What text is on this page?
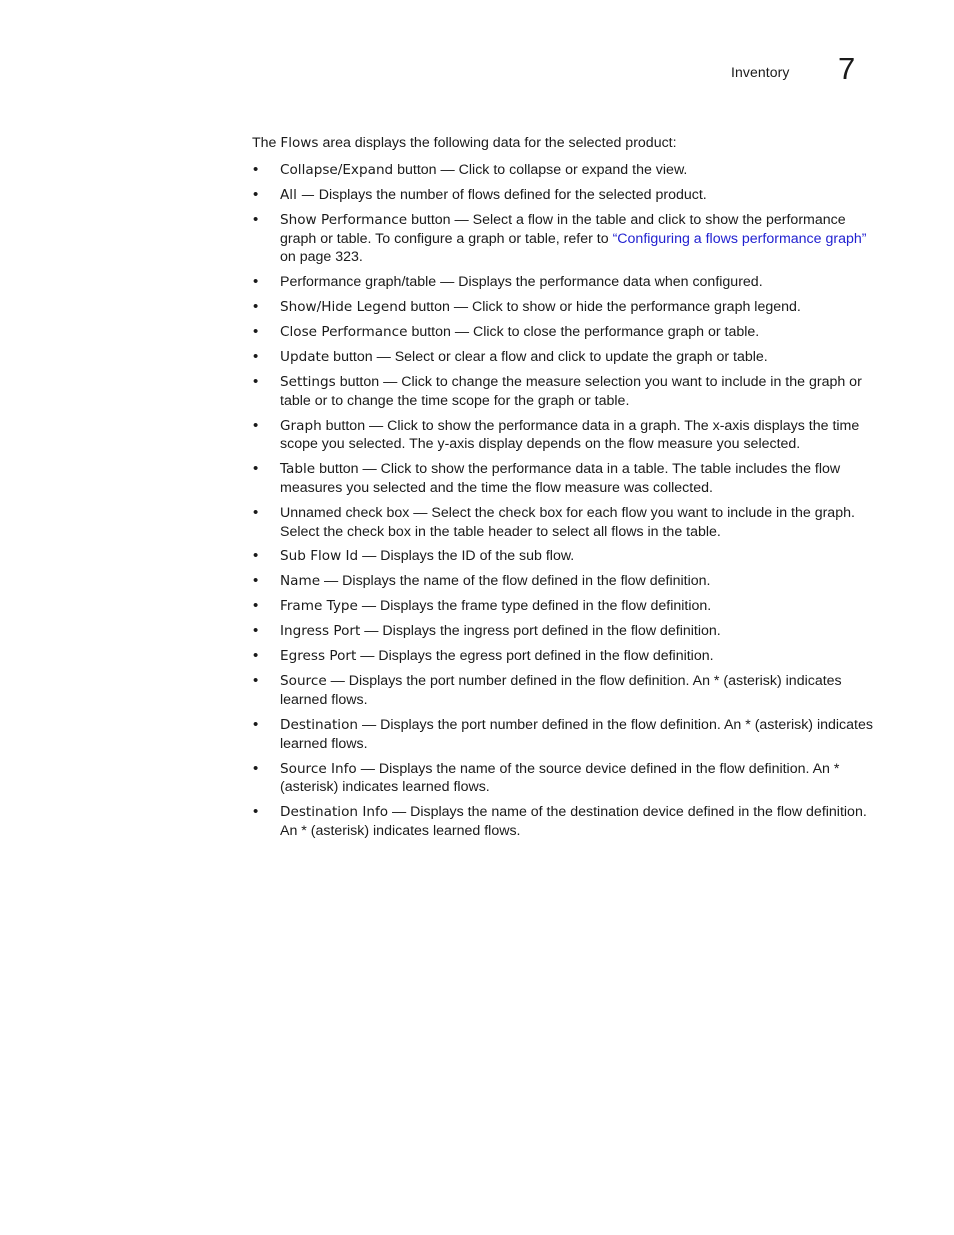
Inventory 7

The Flows area displays the following data for the selected product:

• Collapse/Expand button — Click to collapse or expand the view.
• All — Displays the number of flows defined for the selected product.
• Show Performance button — Select a flow in the table and click to show the performance graph or table. To configure a graph or table, refer to “Configuring a flows performance graph” on page 323.
• Performance graph/table — Displays the performance data when configured.
• Show/Hide Legend button — Click to show or hide the performance graph legend.
• Close Performance button — Click to close the performance graph or table.
• Update button — Select or clear a flow and click to update the graph or table.
• Settings button — Click to change the measure selection you want to include in the graph or table or to change the time scope for the graph or table.
• Graph button — Click to show the performance data in a graph. The x-axis displays the time scope you selected. The y-axis display depends on the flow measure you selected.
• Table button — Click to show the performance data in a table. The table includes the flow measures you selected and the time the flow measure was collected.
• Unnamed check box — Select the check box for each flow you want to include in the graph. Select the check box in the table header to select all flows in the table.
• Sub Flow Id — Displays the ID of the sub flow.
• Name — Displays the name of the flow defined in the flow definition.
• Frame Type — Displays the frame type defined in the flow definition.
• Ingress Port — Displays the ingress port defined in the flow definition.
• Egress Port — Displays the egress port defined in the flow definition.
• Source — Displays the port number defined in the flow definition. An * (asterisk) indicates learned flows.
• Destination — Displays the port number defined in the flow definition. An * (asterisk) indicates learned flows.
• Source Info — Displays the name of the source device defined in the flow definition. An * (asterisk) indicates learned flows.
• Destination Info — Displays the name of the destination device defined in the flow definition. An * (asterisk) indicates learned flows.
